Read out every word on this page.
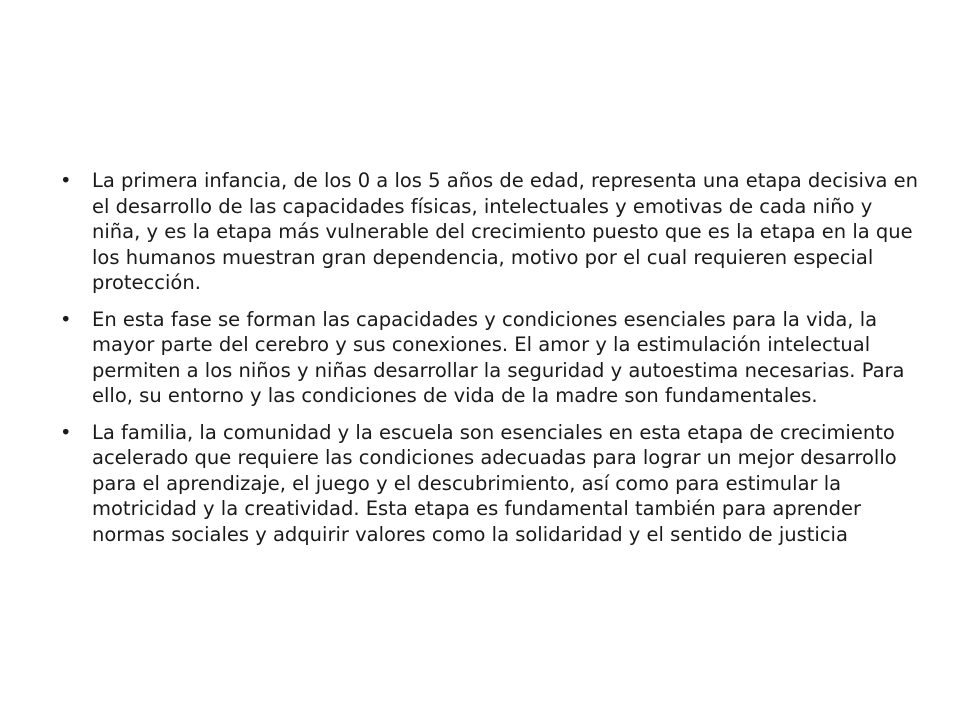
• La primera infancia, de los 0 a los 5 años de edad, representa una etapa decisiva en el desarrollo de las capacidades físicas, intelectuales y emotivas de cada niño y niña, y es la etapa más vulnerable del crecimiento puesto que es la etapa en la que los humanos muestran gran dependencia, motivo por el cual requieren especial protección.
• En esta fase se forman las capacidades y condiciones esenciales para la vida, la mayor parte del cerebro y sus conexiones. El amor y la estimulación intelectual permiten a los niños y niñas desarrollar la seguridad y autoestima necesarias. Para ello, su entorno y las condiciones de vida de la madre son fundamentales.
• La familia, la comunidad y la escuela son esenciales en esta etapa de crecimiento acelerado que requiere las condiciones adecuadas para lograr un mejor desarrollo para el aprendizaje, el juego y el descubrimiento, así como para estimular la motricidad y la creatividad. Esta etapa es fundamental también para aprender normas sociales y adquirir valores como la solidaridad y el sentido de justicia
